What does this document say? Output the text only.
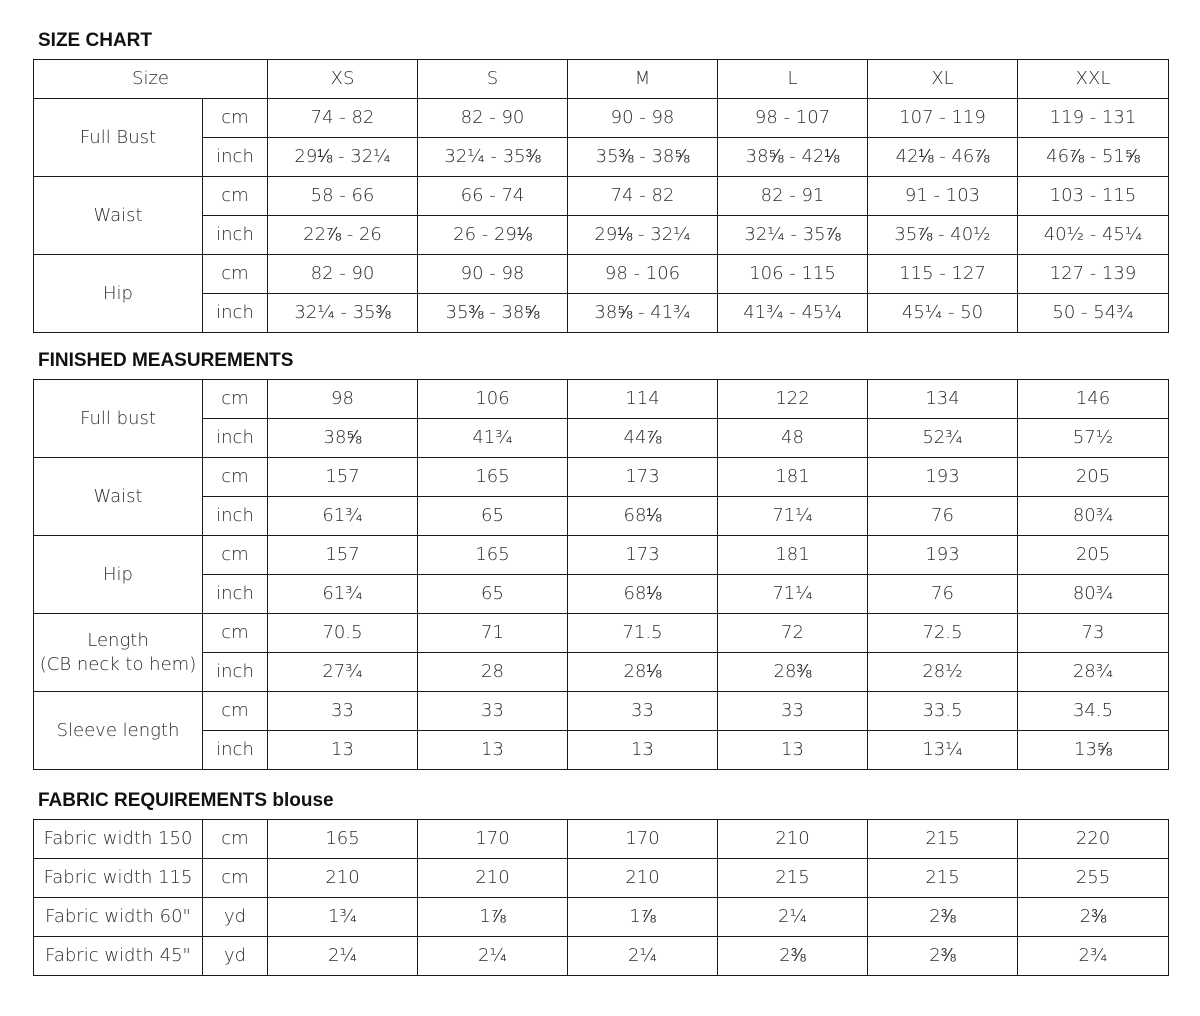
SIZE CHART
Size		XS	S	M	L	XL	XXL

Full Bust	cm	74 - 82	82 - 90	90 - 98	98 - 107	107 - 119	119 - 131
	inch	29⅛ - 32¼	32¼ - 35⅜	35⅜ - 38⅝	38⅝ - 42⅛	42⅛ - 46⅞	46⅞ - 51⅝

Waist	cm	58 - 66	66 - 74	74 - 82	82 - 91	91 - 103	103 - 115
	inch	22⅞ - 26	26 - 29⅛	29⅛ - 32¼	32¼ - 35⅞	35⅞ - 40½	40½ - 45¼

Hip	cm	82 - 90	90 - 98	98 - 106	106 - 115	115 - 127	127 - 139
	inch	32¼ - 35⅜	35⅜ - 38⅝	38⅝ - 41¾	41¾ - 45¼	45¼ - 50	50 - 54¾
FINISHED MEASUREMENTS
Full bust	cm	98	106	114	122	134	146
	inch	38⅝	41¾	44⅞	48	52¾	57½

Waist	cm	157	165	173	181	193	205
	inch	61¾	65	68⅛	71¼	76	80¾

Hip	cm	157	165	173	181	193	205
	inch	61¾	65	68⅛	71¼	76	80¾

Length
(CB neck to hem)	cm	70.5	71	71.5	72	72.5	73
	inch	27¾	28	28⅛	28⅜	28½	28¾

Sleeve length	cm	33	33	33	33	33.5	34.5
	inch	13	13	13	13	13¼	13⅝
FABRIC REQUIREMENTS blouse
Fabric width 150	cm	165	170	170	210	215	220
Fabric width 115	cm	210	210	210	215	215	255
Fabric width 60"	yd	1¾	1⅞	1⅞	2¼	2⅜	2⅜
Fabric width 45"	yd	2¼	2¼	2¼	2⅜	2⅜	2¾
